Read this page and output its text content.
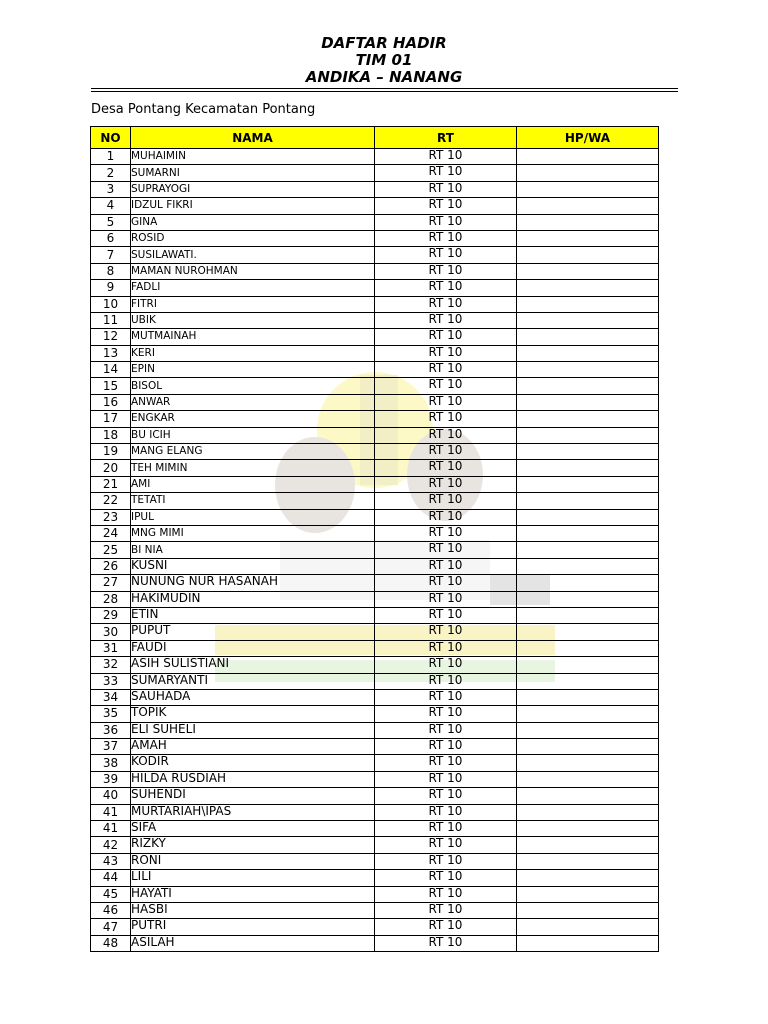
DAFTAR HADIR
TIM 01
ANDIKA – NANANG
Desa Pontang Kecamatan Pontang
NO	NAMA	RT	HP/WA
1	MUHAIMIN	RT 10	
2	SUMARNI	RT 10	
3	SUPRAYOGI	RT 10	
4	IDZUL FIKRI	RT 10	
5	GINA	RT 10	
6	ROSID	RT 10	
7	SUSILAWATI.	RT 10	
8	MAMAN NUROHMAN	RT 10	
9	FADLI	RT 10	
10	FITRI	RT 10	
11	UBIK	RT 10	
12	MUTMAINAH	RT 10	
13	KERI	RT 10	
14	EPIN	RT 10	
15	BISOL	RT 10	
16	ANWAR	RT 10	
17	ENGKAR	RT 10	
18	BU ICIH	RT 10	
19	MANG ELANG	RT 10	
20	TEH MIMIN	RT 10	
21	AMI	RT 10	
22	TETATI	RT 10	
23	IPUL	RT 10	
24	MNG MIMI	RT 10	
25	BI NIA	RT 10	
26	KUSNI	RT 10	
27	NUNUNG NUR HASANAH	RT 10	
28	HAKIMUDIN	RT 10	
29	ETIN	RT 10	
30	PUPUT	RT 10	
31	FAUDI	RT 10	
32	ASIH SULISTIANI	RT 10	
33	SUMARYANTI	RT 10	
34	SAUHADA	RT 10	
35	TOPIK	RT 10	
36	ELI SUHELI	RT 10	
37	AMAH	RT 10	
38	KODIR	RT 10	
39	HILDA RUSDIAH	RT 10	
40	SUHENDI	RT 10	
41	MURTARIAH\IPAS	RT 10	
41	SIFA	RT 10	
42	RIZKY	RT 10	
43	RONI	RT 10	
44	LILI	RT 10	
45	HAYATI	RT 10	
46	HASBI	RT 10	
47	PUTRI	RT 10	
48	ASILAH	RT 10	
